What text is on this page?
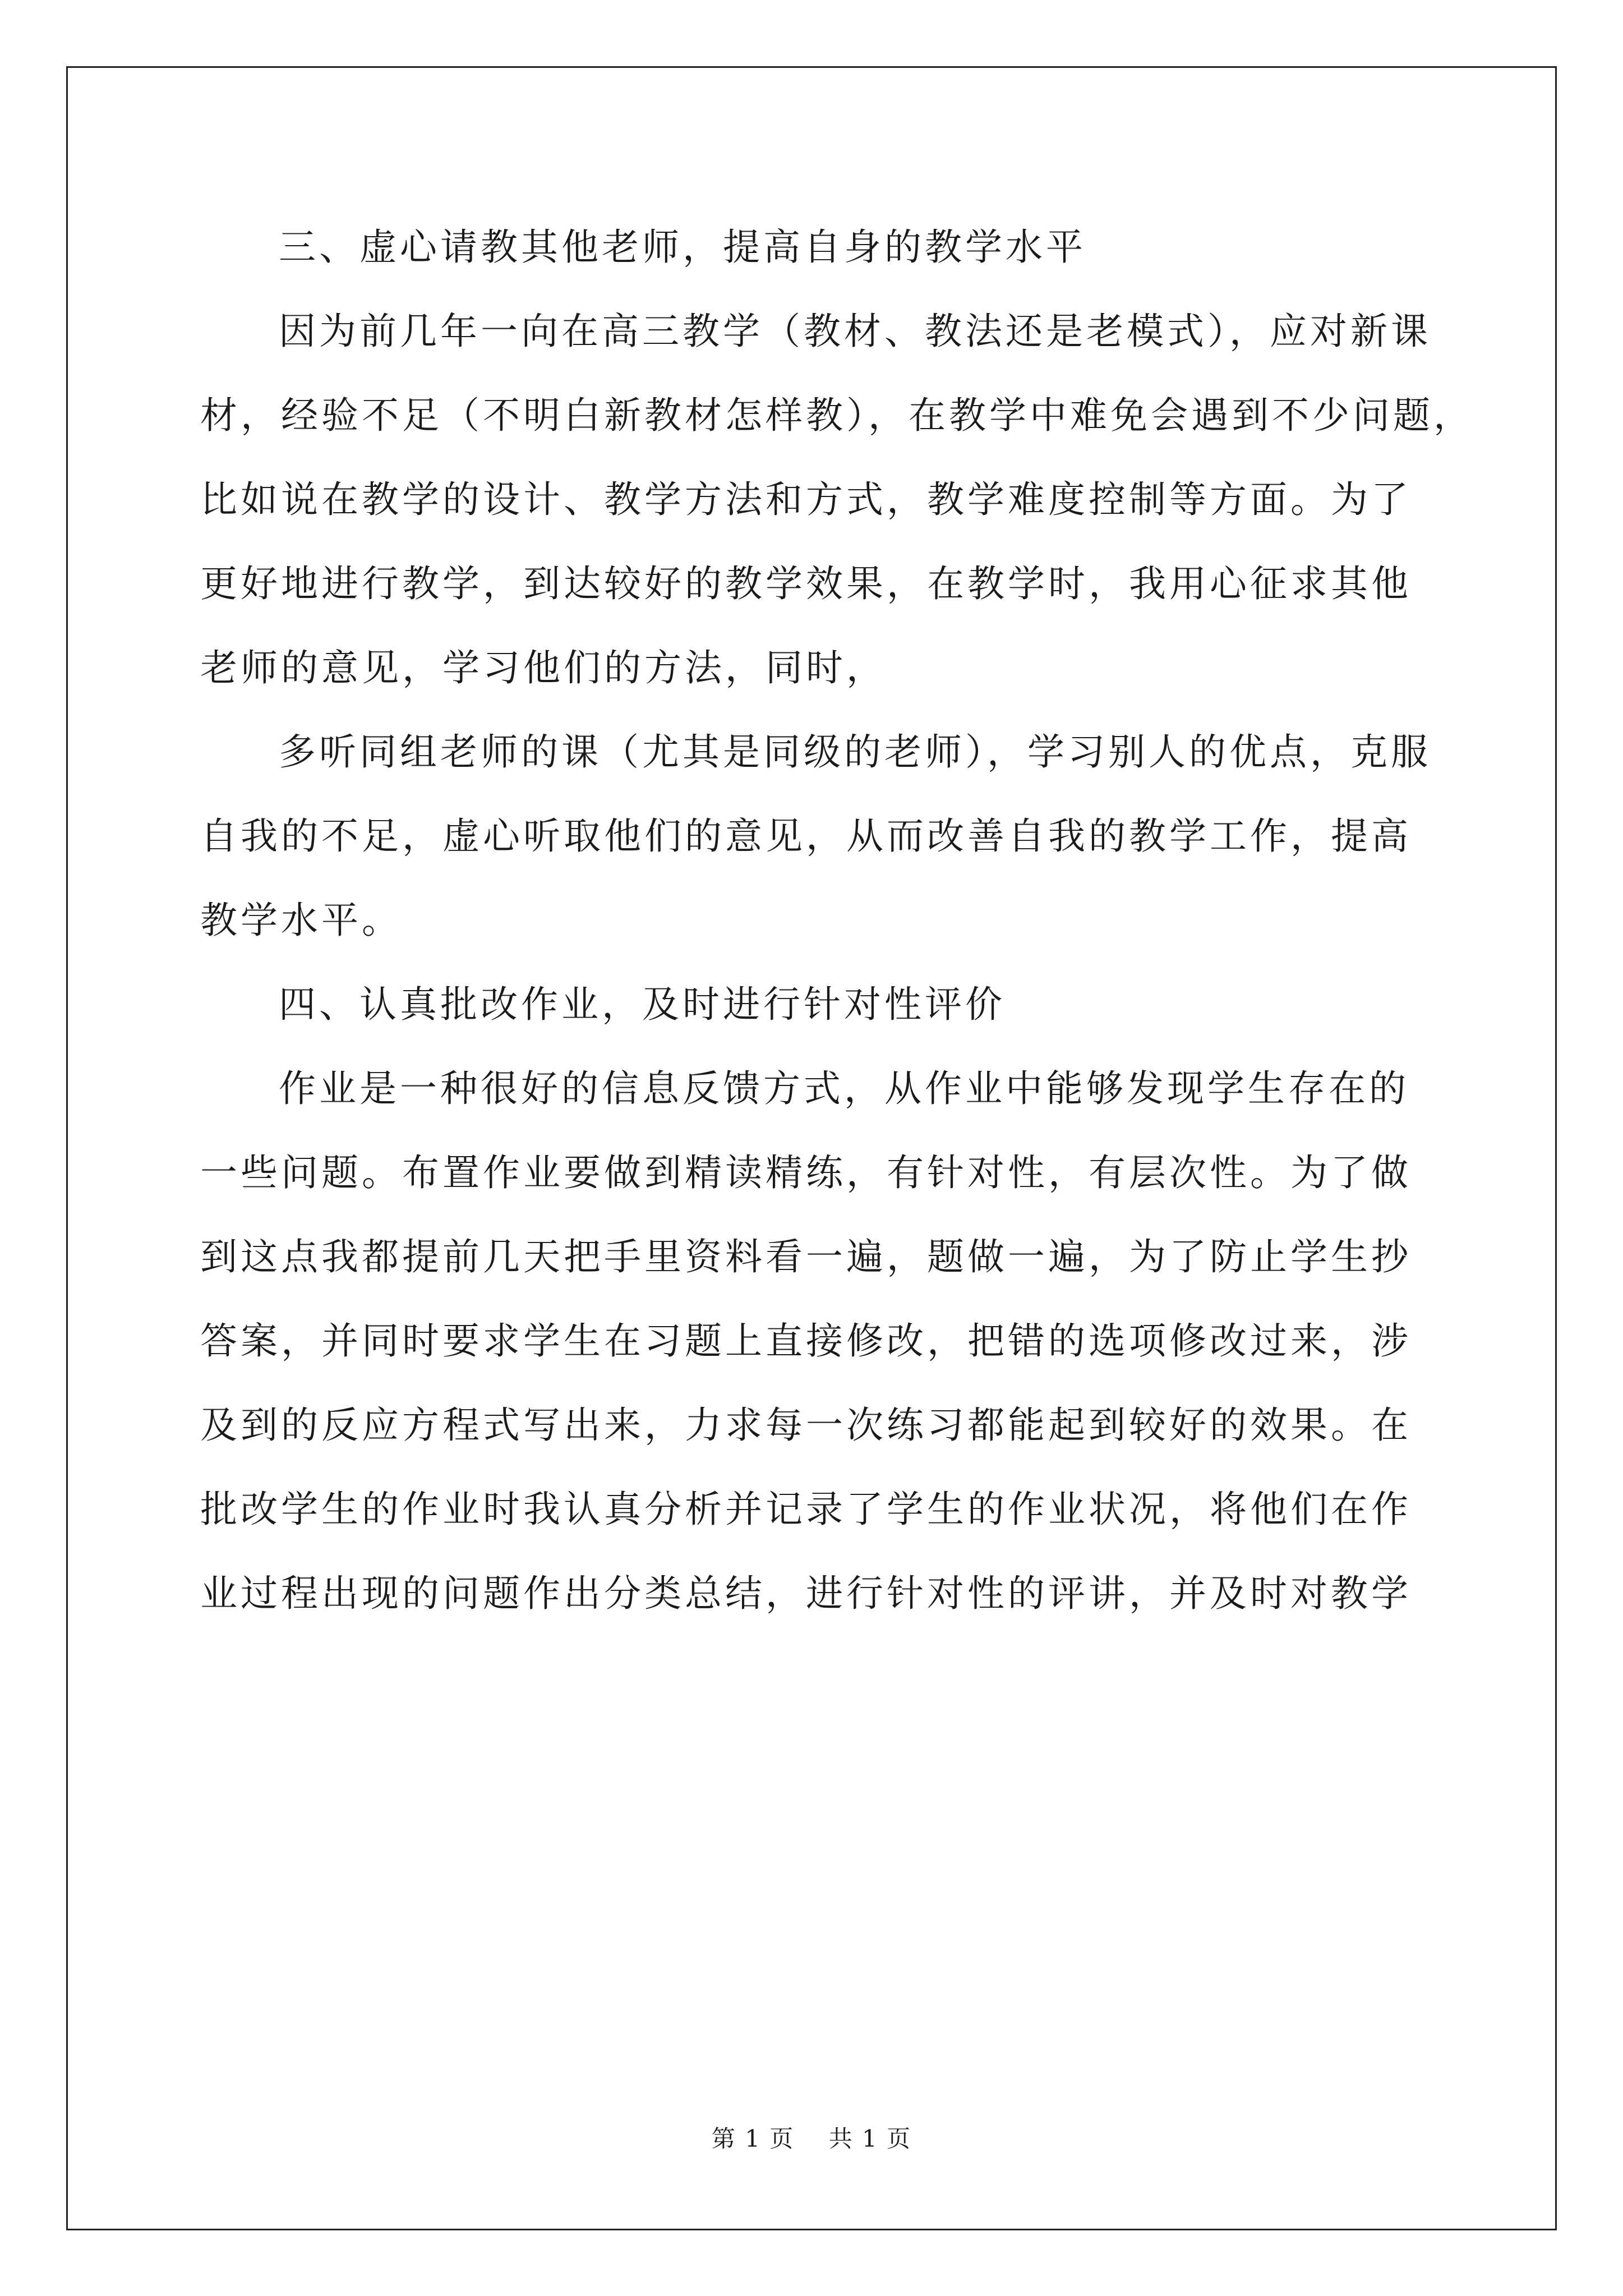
三、虚心请教其他老师，提高自身的教学水平
因为前几年一向在高三教学（教材、教法还是老模式），应对新课
材，经验不足（不明白新教材怎样教），在教学中难免会遇到不少问题，
比如说在教学的设计、教学方法和方式，教学难度控制等方面。为了
更好地进行教学，到达较好的教学效果，在教学时，我用心征求其他
老师的意见，学习他们的方法，同时，
多听同组老师的课（尤其是同级的老师），学习别人的优点，克服
自我的不足，虚心听取他们的意见，从而改善自我的教学工作，提高
教学水平。
四、认真批改作业，及时进行针对性评价
作业是一种很好的信息反馈方式，从作业中能够发现学生存在的
一些问题。布置作业要做到精读精练，有针对性，有层次性。为了做
到这点我都提前几天把手里资料看一遍，题做一遍，为了防止学生抄
答案，并同时要求学生在习题上直接修改，把错的选项修改过来，涉
及到的反应方程式写出来，力求每一次练习都能起到较好的效果。在
批改学生的作业时我认真分析并记录了学生的作业状况，将他们在作
业过程出现的问题作出分类总结，进行针对性的评讲，并及时对教学
第 1 页    共 1 页
